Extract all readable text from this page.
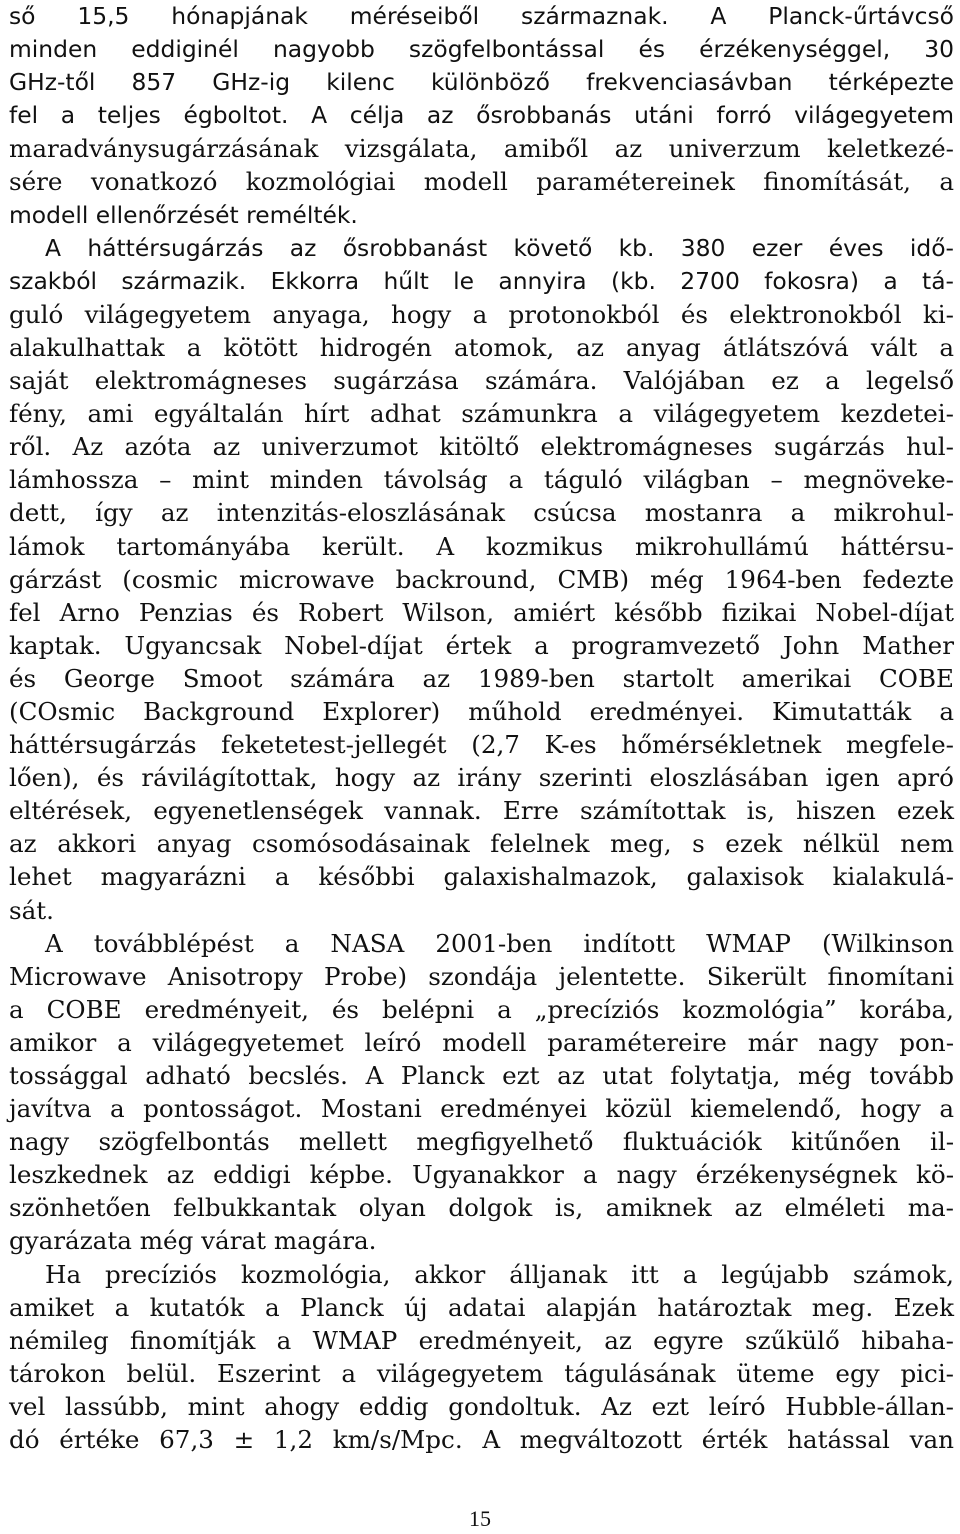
ső 15,5 hónapjának méréseiből származnak. A Planck-űrtávcső
minden eddiginél nagyobb szögfelbontással és érzékenységgel, 30
GHz-től 857 GHz-ig kilenc különböző frekvenciasávban térképezte
fel a teljes égboltot. A célja az ősrobbanás utáni forró világegyetem
maradványsugárzásának vizsgálata, amiből az univerzum keletkezé-
sére vonatkozó kozmológiai modell paramétereinek finomítását, a
modell ellenőrzését remélték.
A háttérsugárzás az ősrobbanást követő kb. 380 ezer éves idő-
szakból származik. Ekkorra hűlt le annyira (kb. 2700 fokosra) a tá-
guló világegyetem anyaga, hogy a protonokból és elektronokból ki-
alakulhattak a kötött hidrogén atomok, az anyag átlátszóvá vált a
saját elektromágneses sugárzása számára. Valójában ez a legelső
fény, ami egyáltalán hírt adhat számunkra a világegyetem kezdetei-
ről. Az azóta az univerzumot kitöltő elektromágneses sugárzás hul-
lámhossza – mint minden távolság a táguló világban – megnöveke-
dett, így az intenzitás-eloszlásának csúcsa mostanra a mikrohul-
lámok tartományába került. A kozmikus mikrohullámú háttérsu-
gárzást (cosmic microwave backround, CMB) még 1964-ben fedezte
fel Arno Penzias és Robert Wilson, amiért később fizikai Nobel-díjat
kaptak. Ugyancsak Nobel-díjat értek a programvezető John Mather
és George Smoot számára az 1989-ben startolt amerikai COBE
(COsmic Background Explorer) műhold eredményei. Kimutatták a
háttérsugárzás feketetest-jellegét (2,7 K-es hőmérsékletnek megfele-
lően), és rávilágítottak, hogy az irány szerinti eloszlásában igen apró
eltérések, egyenetlenségek vannak. Erre számítottak is, hiszen ezek
az akkori anyag csomósodásainak felelnek meg, s ezek nélkül nem
lehet magyarázni a későbbi galaxishalmazok, galaxisok kialakulá-
sát.
A továbblépést a NASA 2001-ben indított WMAP (Wilkinson
Microwave Anisotropy Probe) szondája jelentette. Sikerült finomítani
a COBE eredményeit, és belépni a „precíziós kozmológia” korába,
amikor a világegyetemet leíró modell paramétereire már nagy pon-
tossággal adható becslés. A Planck ezt az utat folytatja, még tovább
javítva a pontosságot. Mostani eredményei közül kiemelendő, hogy a
nagy szögfelbontás mellett megfigyelhető fluktuációk kitűnően il-
leszkednek az eddigi képbe. Ugyanakkor a nagy érzékenységnek kö-
szönhetően felbukkantak olyan dolgok is, amiknek az elméleti ma-
gyarázata még várat magára.
Ha precíziós kozmológia, akkor álljanak itt a legújabb számok,
amiket a kutatók a Planck új adatai alapján határoztak meg. Ezek
némileg finomítják a WMAP eredményeit, az egyre szűkülő hibaha-
tárokon belül. Eszerint a világegyetem tágulásának üteme egy pici-
vel lassúbb, mint ahogy eddig gondoltuk. Az ezt leíró Hubble-állan-
dó értéke 67,3 ± 1,2 km/s/Mpc. A megváltozott érték hatással van
15
